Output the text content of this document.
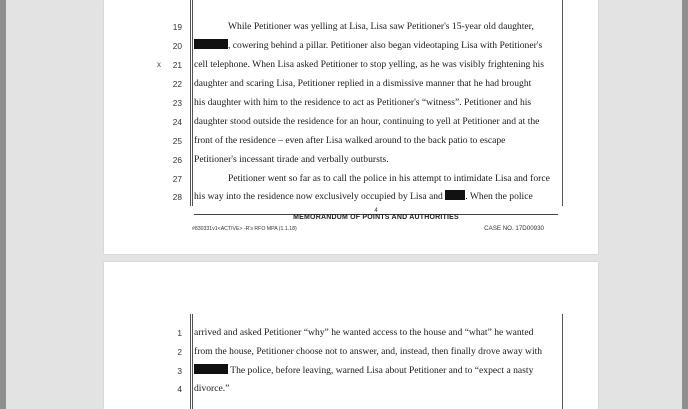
19	While Petitioner was yelling at Lisa, Lisa saw Petitioner's 15-year old daughter,
20	, cowering behind a pillar. Petitioner also began videotaping Lisa with Petitioner's
x	21 cell telephone. When Lisa asked Petitioner to stop yelling, as he was visibly frightening his
22 daughter and scaring Lisa, Petitioner replied in a dismissive manner that he had brought
23 his daughter with him to the residence to act as Petitioner's “witness”. Petitioner and his
24 daughter stood outside the residence for an hour, continuing to yell at Petitioner and at the
25 front of the residence – even after Lisa walked around to the back patio to escape
26 Petitioner's incessant tirade and verbally outbursts.
27	Petitioner went so far as to call the police in his attempt to intimidate Lisa and force
28 his way into the residence now exclusively occupied by Lisa and . When the police
4
MEMORANDUM OF POINTS AND AUTHORITIES
#830331v1<ACTIVE> -R's RFO MPA (1.1.18)	CASE NO. 17D00930
1 arrived and asked Petitioner “why” he wanted access to the house and “what” he wanted
2 from the house, Petitioner choose not to answer, and, instead, then finally drove away with
3	The police, before leaving, warned Lisa about Petitioner and to “expect a nasty
4 divorce.”
